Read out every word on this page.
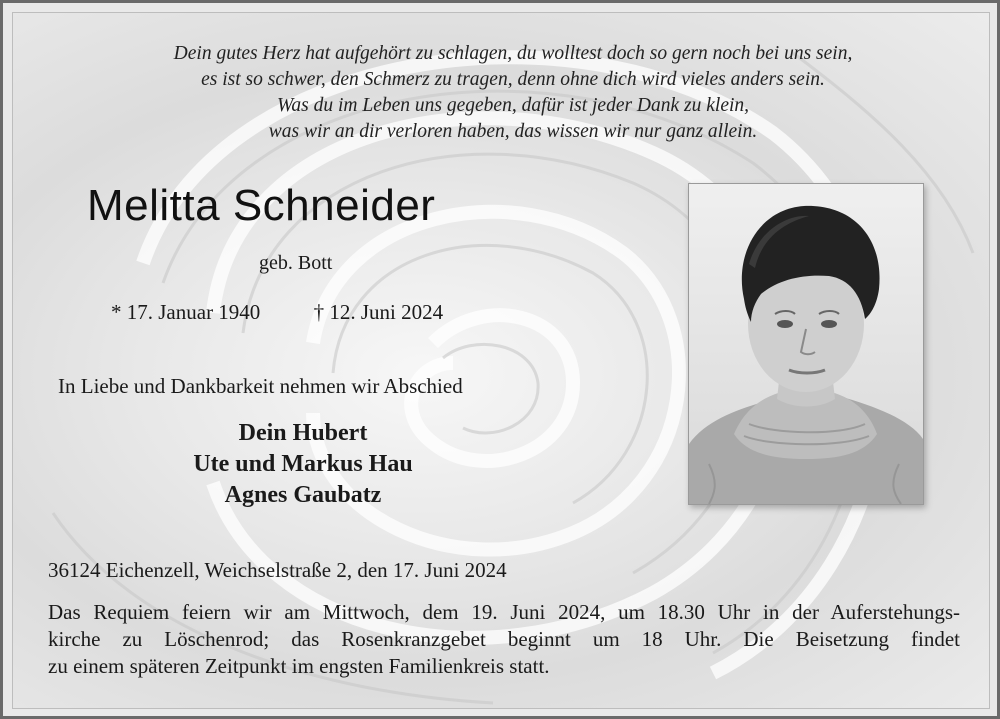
Dein gutes Herz hat aufgehört zu schlagen, du wolltest doch so gern noch bei uns sein,
es ist so schwer, den Schmerz zu tragen, denn ohne dich wird vieles anders sein.
Was du im Leben uns gegeben, dafür ist jeder Dank zu klein,
was wir an dir verloren haben, das wissen wir nur ganz allein.
Melitta Schneider
geb. Bott
* 17. Januar 1940	† 12. Juni 2024
In Liebe und Dankbarkeit nehmen wir Abschied
Dein Hubert
Ute und Markus Hau
Agnes Gaubatz
36124 Eichenzell, Weichselstraße 2, den 17. Juni 2024
Das Requiem feiern wir am Mittwoch, dem 19. Juni 2024, um 18.30 Uhr in der Auferstehungs-
kirche zu Löschenrod; das Rosenkranzgebet beginnt um 18 Uhr. Die Beisetzung findet
zu einem späteren Zeitpunkt im engsten Familienkreis statt.
